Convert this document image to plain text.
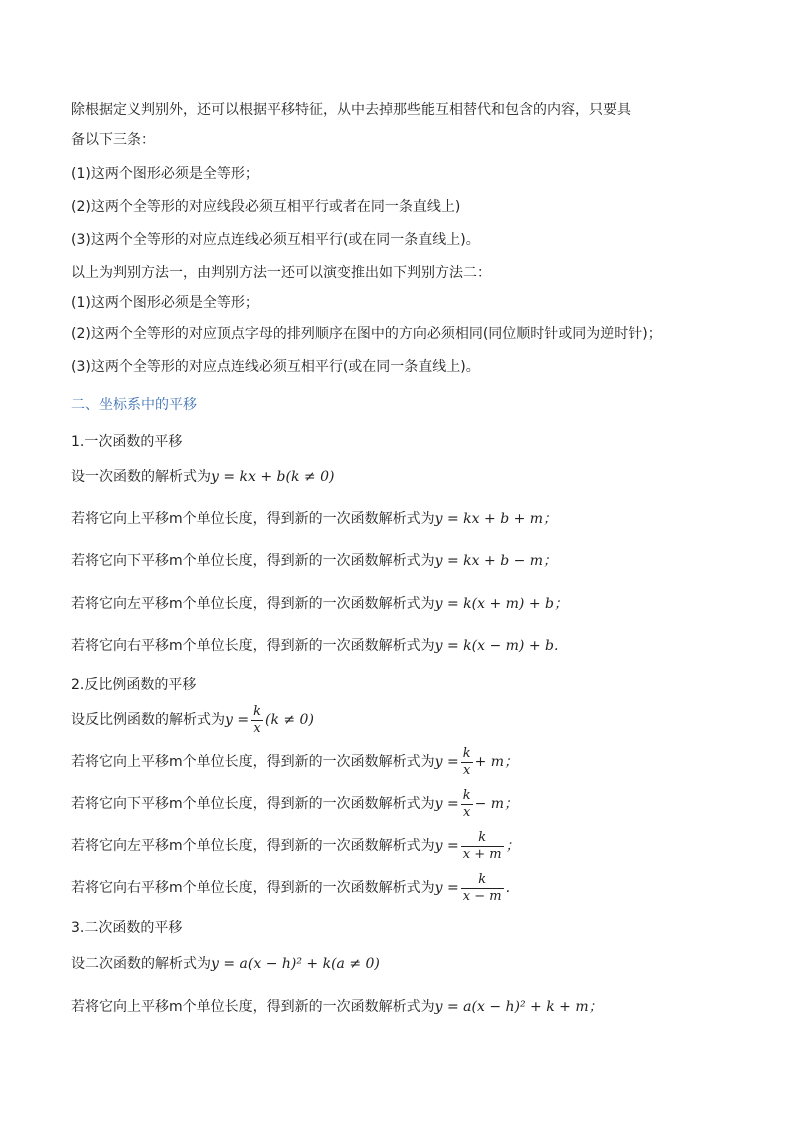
除根据定义判别外，还可以根据平移特征，从中去掉那些能互相替代和包含的内容，只要具
备以下三条：
(1)这两个图形必须是全等形；
(2)这两个全等形的对应线段必须互相平行或者在同一条直线上)
(3)这两个全等形的对应点连线必须互相平行(或在同一条直线上)。
以上为判别方法一，由判别方法一还可以演变推出如下判别方法二：
(1)这两个图形必须是全等形；
(2)这两个全等形的对应顶点字母的排列顺序在图中的方向必须相同(同位顺时针或同为逆时针)；
(3)这两个全等形的对应点连线必须互相平行(或在同一条直线上)。
二、坐标系中的平移
1.一次函数的平移
设一次函数的解析式为y = kx + b(k ≠ 0)
若将它向上平移m个单位长度，得到新的一次函数解析式为y = kx + b + m；
若将它向下平移m个单位长度，得到新的一次函数解析式为y = kx + b − m；
若将它向左平移m个单位长度，得到新的一次函数解析式为y = k(x + m) + b；
若将它向右平移m个单位长度，得到新的一次函数解析式为y = k(x − m) + b.
2.反比例函数的平移
设反比例函数的解析式为$y = \frac{k}{x} (k \ne 0)$
若将它向上平移m个单位长度，得到新的一次函数解析式为$y = \frac{k}{x} + m$；
若将它向下平移m个单位长度，得到新的一次函数解析式为$y = \frac{k}{x} - m$；
若将它向左平移m个单位长度，得到新的一次函数解析式为$y = \frac{k}{x + m}$ ；
若将它向右平移m个单位长度，得到新的一次函数解析式为$y = \frac{k}{x - m}$ .
3.二次函数的平移
设二次函数的解析式为y = a(x − h)² + k(a ≠ 0)
若将它向上平移m个单位长度，得到新的一次函数解析式为y = a(x − h)² + k + m；
